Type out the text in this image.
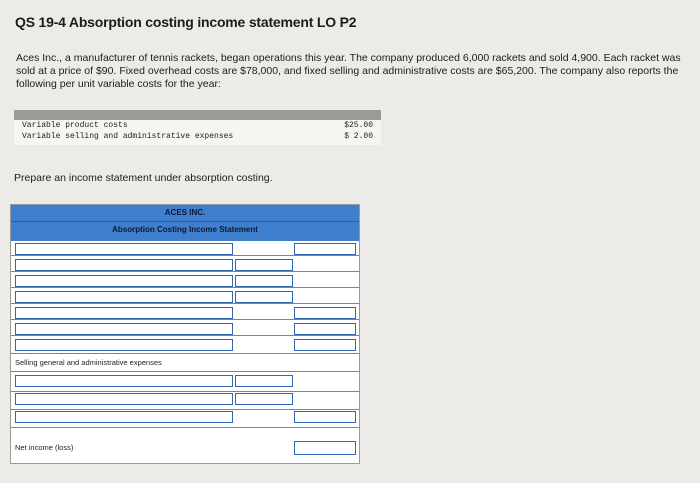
QS 19-4 Absorption costing income statement LO P2

Aces Inc., a manufacturer of tennis rackets, began operations this year. The company produced 6,000 rackets and sold 4,900. Each racket was sold at a price of $90. Fixed overhead costs are $78,000, and fixed selling and administrative costs are $65,200. The company also reports the following per unit variable costs for the year:

Variable product costs	$25.00
Variable selling and administrative expenses	$ 2.00
Prepare an income statement under absorption costing.
ACES INC.
Absorption Costing Income Statement
Selling general and administrative expenses
Net income (loss)
